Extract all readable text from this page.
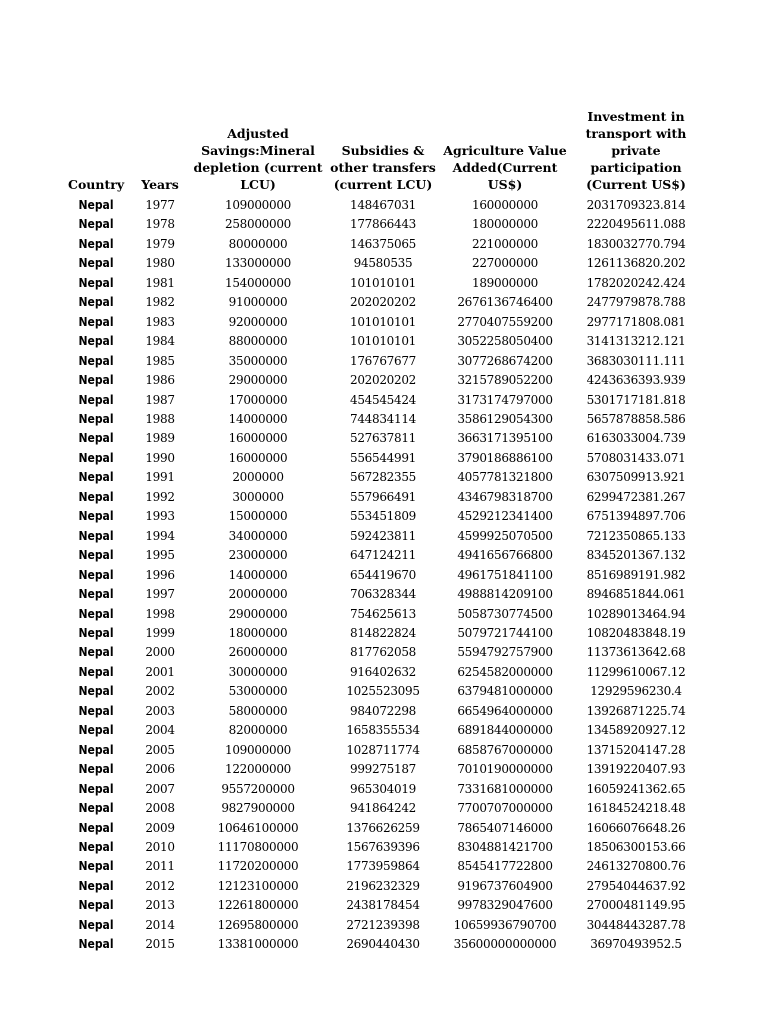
Country	Years	Adjusted
Savings:Mineral
depletion (current
LCU)	Subsidies &
other transfers
(current LCU)	Agriculture Value
Added(Current
US$)	Investment in
transport with
private
participation
(Current US$)
Nepal	1977	109000000	148467031	160000000	2031709323.814
Nepal	1978	258000000	177866443	180000000	2220495611.088
Nepal	1979	80000000	146375065	221000000	1830032770.794
Nepal	1980	133000000	94580535	227000000	1261136820.202
Nepal	1981	154000000	101010101	189000000	1782020242.424
Nepal	1982	91000000	202020202	2676136746400	2477979878.788
Nepal	1983	92000000	101010101	2770407559200	2977171808.081
Nepal	1984	88000000	101010101	3052258050400	3141313212.121
Nepal	1985	35000000	176767677	3077268674200	3683030111.111
Nepal	1986	29000000	202020202	3215789052200	4243636393.939
Nepal	1987	17000000	454545424	3173174797000	5301717181.818
Nepal	1988	14000000	744834114	3586129054300	5657878858.586
Nepal	1989	16000000	527637811	3663171395100	6163033004.739
Nepal	1990	16000000	556544991	3790186886100	5708031433.071
Nepal	1991	2000000	567282355	4057781321800	6307509913.921
Nepal	1992	3000000	557966491	4346798318700	6299472381.267
Nepal	1993	15000000	553451809	4529212341400	6751394897.706
Nepal	1994	34000000	592423811	4599925070500	7212350865.133
Nepal	1995	23000000	647124211	4941656766800	8345201367.132
Nepal	1996	14000000	654419670	4961751841100	8516989191.982
Nepal	1997	20000000	706328344	4988814209100	8946851844.061
Nepal	1998	29000000	754625613	5058730774500	10289013464.94
Nepal	1999	18000000	814822824	5079721744100	10820483848.19
Nepal	2000	26000000	817762058	5594792757900	11373613642.68
Nepal	2001	30000000	916402632	6254582000000	11299610067.12
Nepal	2002	53000000	1025523095	6379481000000	12929596230.4
Nepal	2003	58000000	984072298	6654964000000	13926871225.74
Nepal	2004	82000000	1658355534	6891844000000	13458920927.12
Nepal	2005	109000000	1028711774	6858767000000	13715204147.28
Nepal	2006	122000000	999275187	7010190000000	13919220407.93
Nepal	2007	9557200000	965304019	7331681000000	16059241362.65
Nepal	2008	9827900000	941864242	7700707000000	16184524218.48
Nepal	2009	10646100000	1376626259	7865407146000	16066076648.26
Nepal	2010	11170800000	1567639396	8304881421700	18506300153.66
Nepal	2011	11720200000	1773959864	8545417722800	24613270800.76
Nepal	2012	12123100000	2196232329	9196737604900	27954044637.92
Nepal	2013	12261800000	2438178454	9978329047600	27000481149.95
Nepal	2014	12695800000	2721239398	10659936790700	30448443287.78
Nepal	2015	13381000000	2690440430	35600000000000	36970493952.5
